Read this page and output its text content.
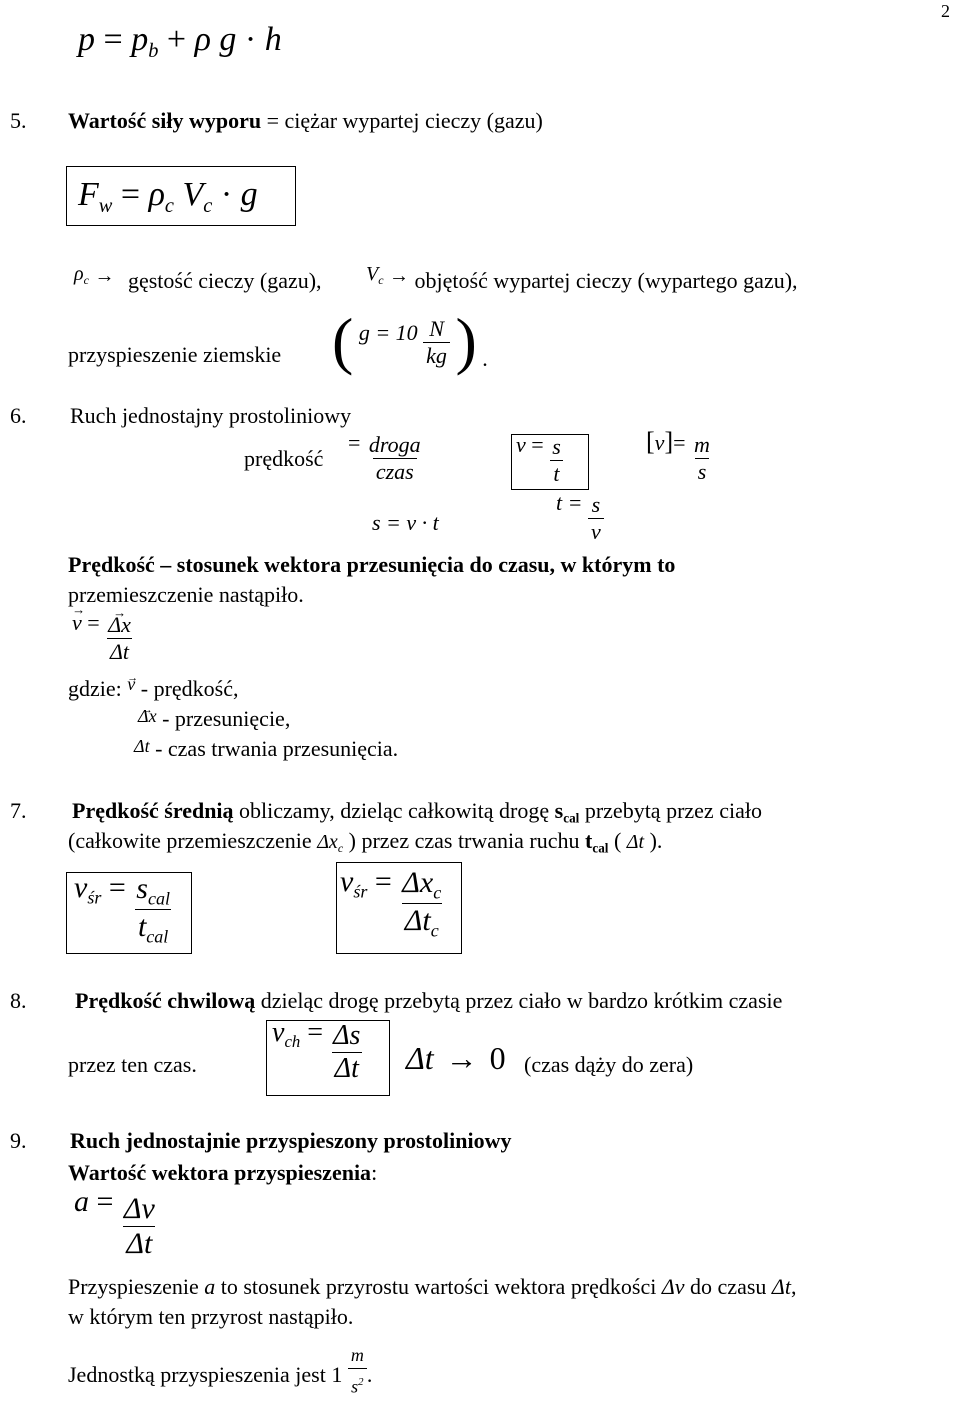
2
$p = p_b + \rho$ g · h
5. Wartość siły wyporu = ciężar wypartej cieczy (gazu)
$F_w = \rho_c$ $V_c \cdot g$
$\rho_c$ → gęstość cieczy (gazu), $V_c$ → objętość wypartej cieczy (wypartego gazu),
przyspieszenie ziemskie ( $g = 10 \frac{N}{kg}$ ) .
6. Ruch jednostajny prostoliniowy
prędkość
= $\frac{\text{droga}}{\text{czas}}$	$v = \frac{s}{t}$	$[v]= \frac{m}{s}$
s = v · t
$t = \frac{s}{v}$
Prędkość – stosunek wektora przesunięcia do czasu, w którym to
przemieszczenie nastąpiło.
→ v = → $\frac{\Delta x}{\Delta t}$
gdzie: → v - prędkość,
→ Δx - przesunięcie,
Δt - czas trwania przesunięcia.
7. Prędkość średnią obliczamy, dzieląc całkowitą drogę $s_{cal}$ przebytą przez ciało
(całkowite przemieszczenie $\Delta x_c$ ) przez czas trwania ruchu $t_{cal}$ ( Δt ).
$v_{śr} = \frac{s_{cal}}{t_{cal}}$	$v_{śr} = \frac{\Delta x_c}{\Delta t_c}$
8. Prędkość chwilową dzieląc drogę przebytą przez ciało w bardzo krótkim czasie
przez ten czas.
$v_{ch} = \frac{\Delta s}{\Delta t}$ Δt → 0 (czas dąży do zera)
9. Ruch jednostajnie przyspieszony prostoliniowy
Wartość wektora przyspieszenia:
$a = \frac{\Delta v}{\Delta t}$
Przyspieszenie a to stosunek przyrostu wartości wektora prędkości Δv do czasu Δt,
w którym ten przyrost nastąpiło.
Jednostką przyspieszenia jest $1 \frac{m}{s^2}$ .
